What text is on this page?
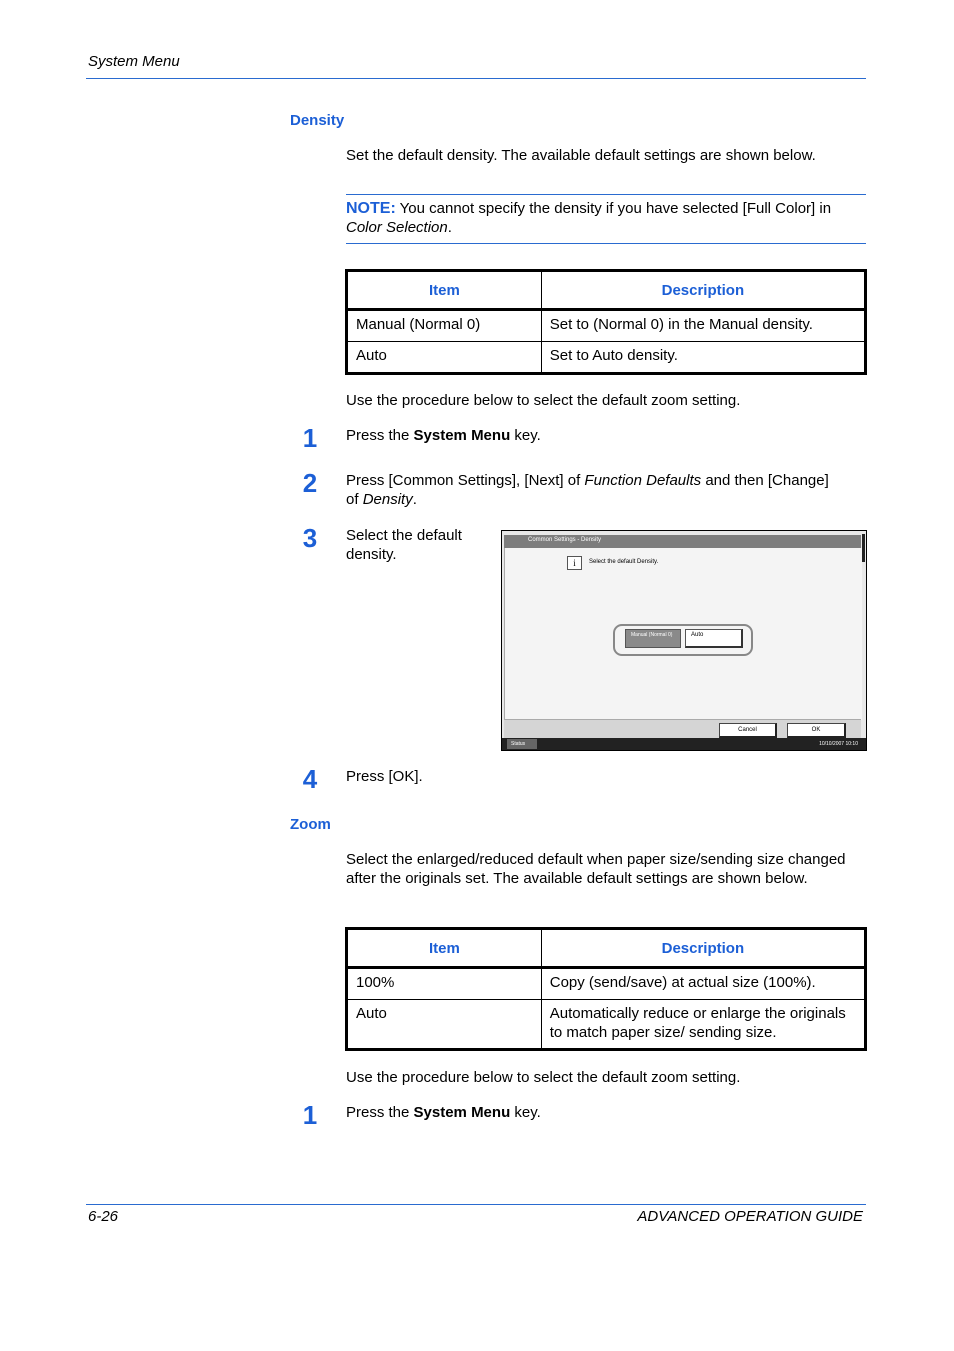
System Menu
Density
Set the default density. The available default settings are shown below.
NOTE: You cannot specify the density if you have selected [Full Color] in Color Selection.
Item	Description
Manual (Normal 0)	Set to (Normal 0) in the Manual density.
Auto	Set to Auto density.
Use the procedure below to select the default zoom setting.
1	Press the System Menu key.
2	Press [Common Settings], [Next] of Function Defaults and then [Change]
of Density.
3	Select the default density.
Common Settings - Density
i	Select the default Density.
Manual (Normal 0)	Auto
Cancel	OK
Status	10/10/2007 10:10
4	Press [OK].
Zoom
Select the enlarged/reduced default when paper size/sending size changed after the originals set. The available default settings are shown below.
Item	Description
100%	Copy (send/save) at actual size (100%).
Auto	Automatically reduce or enlarge the originals to match paper size/ sending size.
Use the procedure below to select the default zoom setting.
1	Press the System Menu key.
6-26	ADVANCED OPERATION GUIDE
